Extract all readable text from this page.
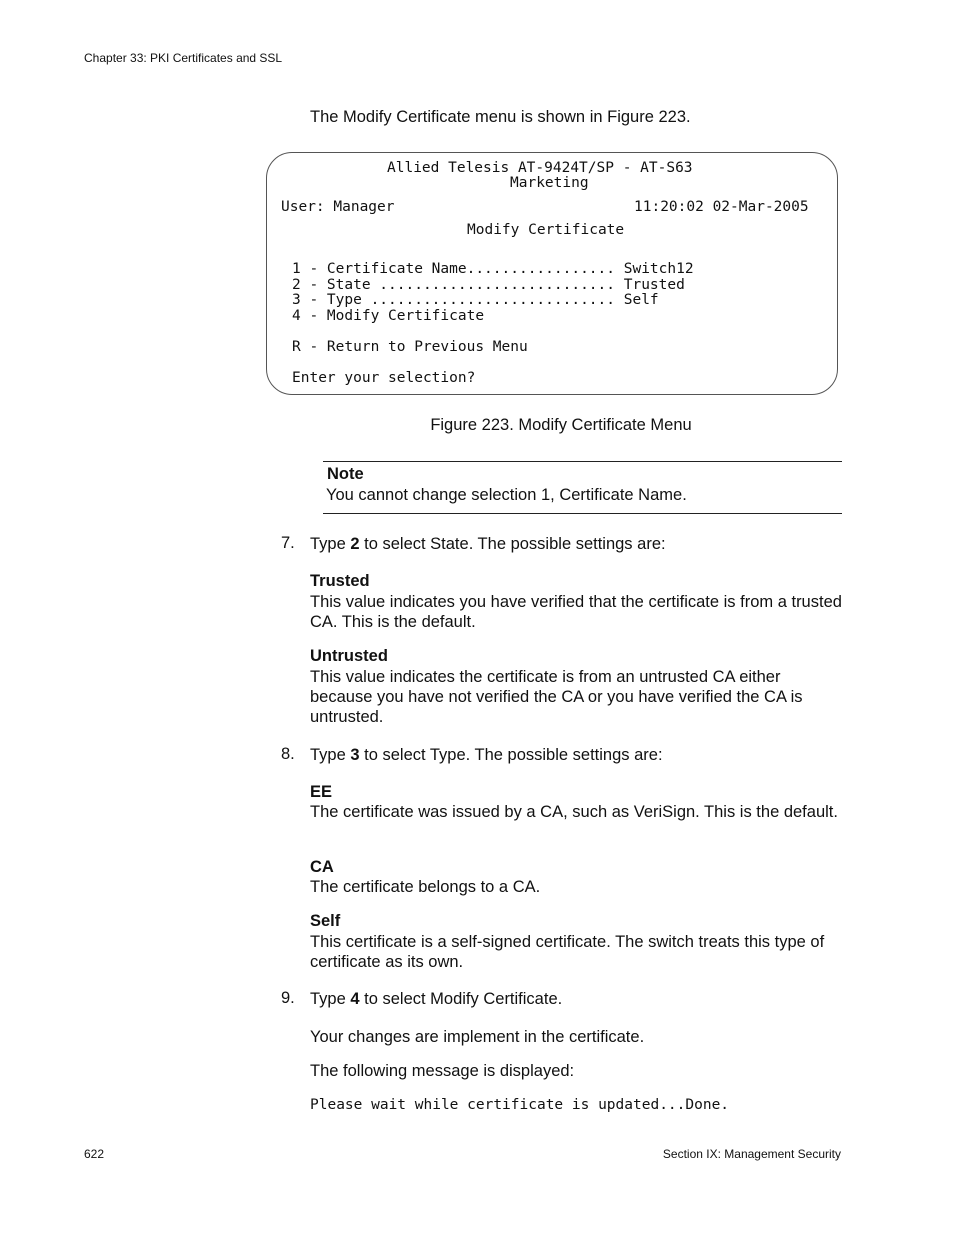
Chapter 33: PKI Certificates and SSL
The Modify Certificate menu is shown in Figure 223.
Allied Telesis AT-9424T/SP - AT-S63
Marketing
User: Manager	11:20:02 02-Mar-2005
Modify Certificate
1 - Certificate Name................. Switch12
2 - State ........................... Trusted
3 - Type ............................ Self
4 - Modify Certificate
R - Return to Previous Menu
Enter your selection?
Figure 223. Modify Certificate Menu
Note
You cannot change selection 1, Certificate Name.
7. Type 2 to select State. The possible settings are:
Trusted
This value indicates you have verified that the certificate is from a trusted CA. This is the default.
Untrusted
This value indicates the certificate is from an untrusted CA either because you have not verified the CA or you have verified the CA is untrusted.
8. Type 3 to select Type. The possible settings are:
EE
The certificate was issued by a CA, such as VeriSign. This is the default.
CA
The certificate belongs to a CA.
Self
This certificate is a self-signed certificate. The switch treats this type of certificate as its own.
9. Type 4 to select Modify Certificate.
Your changes are implement in the certificate.
The following message is displayed:
Please wait while certificate is updated...Done.
622	Section IX: Management Security
